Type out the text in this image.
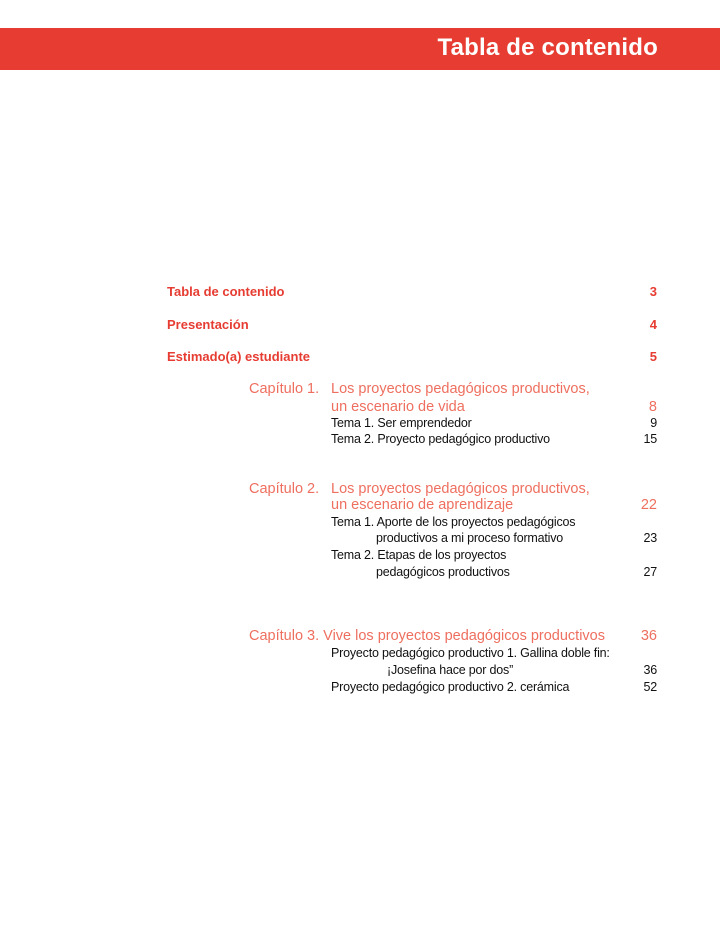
Tabla de contenido
Tabla de contenido	3
Presentación	4
Estimado(a) estudiante	5
Capítulo 1. Los proyectos pedagógicos productivos,
un escenario de vida	8
Tema 1. Ser emprendedor	9
Tema 2. Proyecto pedagógico productivo	15
Capítulo 2. Los proyectos pedagógicos productivos,
un escenario de aprendizaje	22
Tema 1. Aporte de los proyectos pedagógicos
productivos a mi proceso formativo	23
Tema 2. Etapas de los proyectos
pedagógicos productivos	27
Capítulo 3. Vive los proyectos pedagógicos productivos 36
Proyecto pedagógico productivo 1. Gallina doble fin:
¡Josefina hace por dos”	36
Proyecto pedagógico productivo 2. cerámica	52
